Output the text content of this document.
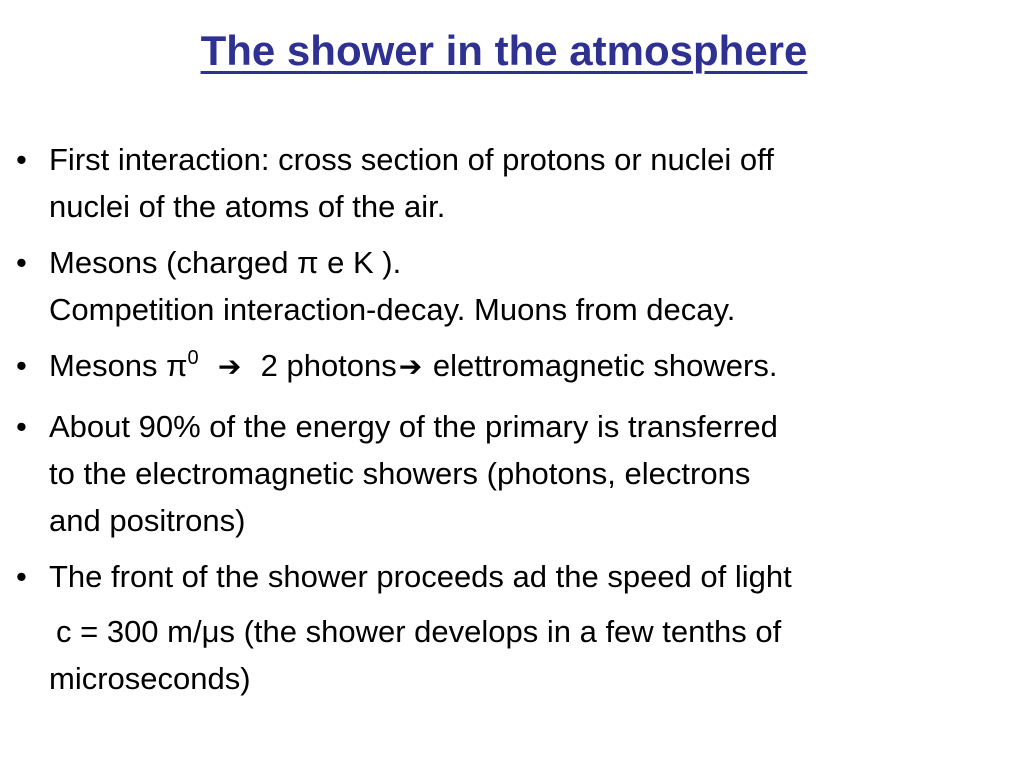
The shower in the atmosphere
• First interaction: cross section of protons or nuclei off
nuclei of the atoms of the air.
• Mesons (charged π e K ).
Competition interaction-decay. Muons from decay.
• Mesons $\pi^0$ ➔ 2 photons➔ elettromagnetic showers.
• About 90% of the energy of the primary is transferred
to the electromagnetic showers (photons, electrons
and positrons)
• The front of the shower proceeds ad the speed of light
c = 300 m/μs (the shower develops in a few tenths of
microseconds)
